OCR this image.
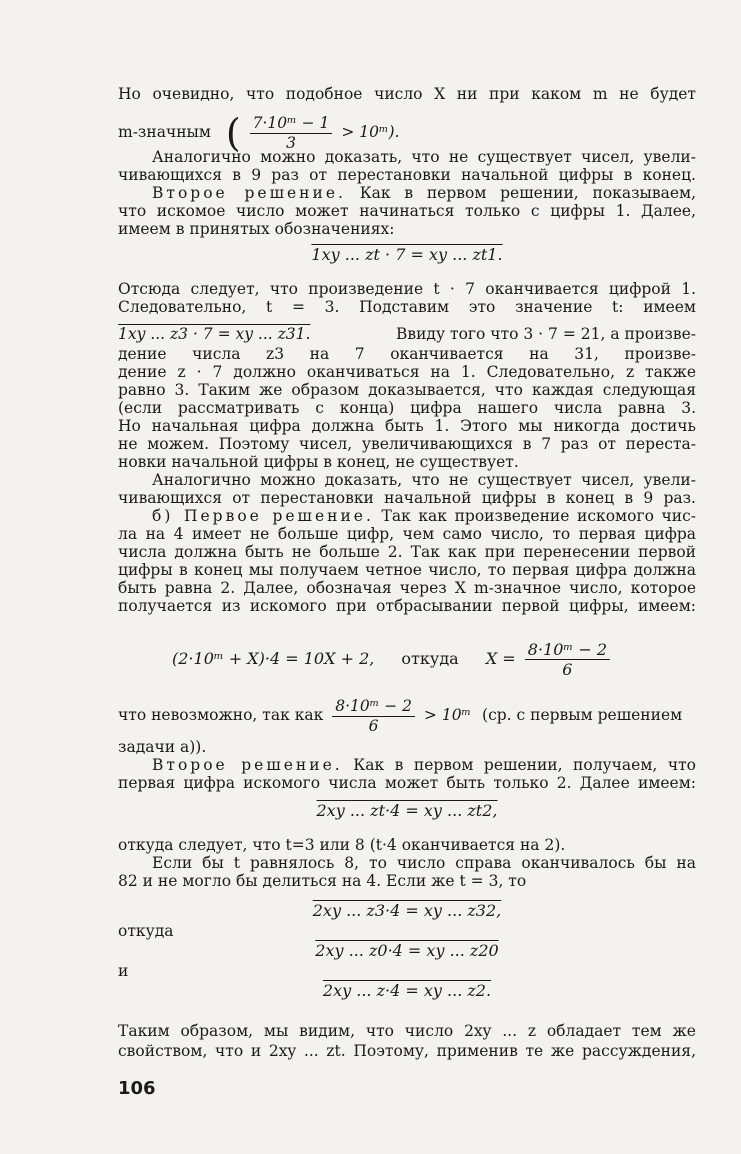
Но очевидно, что подобное число X ни при каком m не будет
m-значным ( $\frac{\text{7·10ᵐ − 1}}{3}$ > 10ᵐ).
Аналогично можно доказать, что не существует чисел, увели-
чивающихся в 9 раз от перестановки начальной цифры в конец.
Второе решение. Как в первом решении, показываем,
что искомое число может начинаться только с цифры 1. Далее,
имеем в принятых обозначениях:
1xy ... zt · 7 = xy ... zt1.
Отсюда следует, что произведение t · 7 оканчивается цифрой 1.
Следовательно, t = 3. Подставим это значение t: имеем
1xy ... z3 · 7 = xy ... z31.	Ввиду того что 3 · 7 = 21, а произве-
дение числа z3 на 7 оканчивается на 31, произве-
дение z · 7 должно оканчиваться на 1. Следовательно, z также
равно 3. Таким же образом доказывается, что каждая следующая
(если рассматривать с конца) цифра нашего числа равна 3.
Но начальная цифра должна быть 1. Этого мы никогда достичь
не можем. Поэтому чисел, увеличивающихся в 7 раз от переста-
новки начальной цифры в конец, не существует.
Аналогично можно доказать, что не существует чисел, увели-
чивающихся от перестановки начальной цифры в конец в 9 раз.
б) Первое решение. Так как произведение искомого чис-
ла на 4 имеет не больше цифр, чем само число, то первая цифра
числа должна быть не больше 2. Так как при перенесении первой
цифры в конец мы получаем четное число, то первая цифра должна
быть равна 2. Далее, обозначая через X m-значное число, которое
получается из искомого при отбрасывании первой цифры, имеем:
(2·10ᵐ + X)·4 = 10X + 2, откуда $X = \frac{\text{8·10ᵐ − 2}}{6}$
что невозможно, так как $\frac{\text{8·10ᵐ − 2}}{6}$ > 10ᵐ (ср. с первым решением
задачи а)).
Второе решение. Как в первом решении, получаем, что
первая цифра искомого числа может быть только 2. Далее имеем:
2xy ... zt·4 = xy ... zt2,
откуда следует, что t=3 или 8 (t·4 оканчивается на 2).
Если бы t равнялось 8, то число справа оканчивалось бы на
82 и не могло бы делиться на 4. Если же t = 3, то
2xy ... z3·4 = xy ... z32,
откуда
2xy ... z0·4 = xy ... z20
и
2xy ... z·4 = xy ... z2.
Таким образом, мы видим, что число 2xy ... z обладает тем же
свойством, что и 2xy ... zt. Поэтому, применив те же рассуждения,
106
